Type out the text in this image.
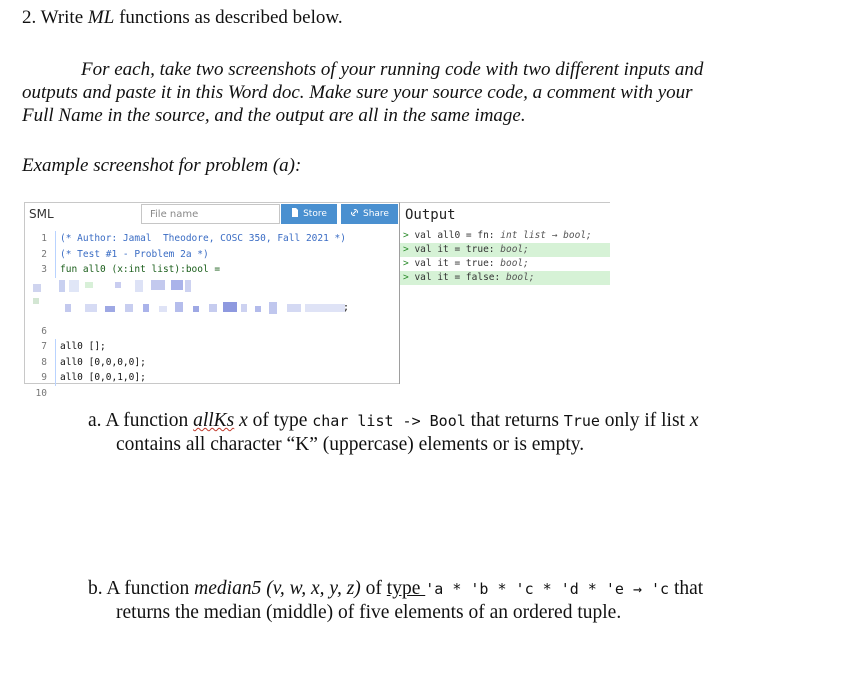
2. Write ML functions as described below.
For each, take two screenshots of your running code with two different inputs and
outputs and paste it in this Word doc. Make sure your source code, a comment with your
Full Name in the source, and the output are all in the same image.
Example screenshot for problem (a):
SML	File name	Store	Share
1 (* Author: Jamal  Theodore, COSC 350, Fall 2021 *)
2 (* Test #1 - Problem 2a *)
3 fun all0 (x:int list):bool =
;
6
7 all0 [];
8 all0 [0,0,0,0];
9 all0 [0,0,1,0];
10
Output
> val all0 = fn: int list → bool;
> val it = true: bool;
> val it = true: bool;
> val it = false: bool;
a. A function allKs x of type char list -> Bool that returns True only if list x
contains all character “K” (uppercase) elements or is empty.
b. A function median5 (v, w, x, y, z) of type 'a * 'b * 'c * 'd * 'e → 'c that
returns the median (middle) of five elements of an ordered tuple.
